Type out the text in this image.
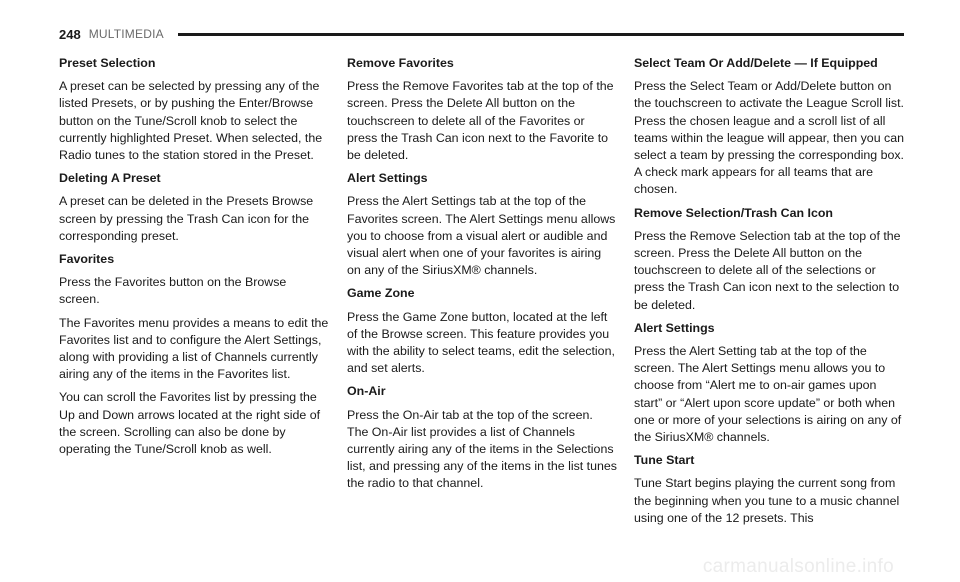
248 MULTIMEDIA
Preset Selection

A preset can be selected by pressing any of the listed Presets, or by pushing the Enter/Browse button on the Tune/Scroll knob to select the currently highlighted Preset. When selected, the Radio tunes to the station stored in the Preset.

Deleting A Preset

A preset can be deleted in the Presets Browse screen by pressing the Trash Can icon for the corresponding preset.

Favorites

Press the Favorites button on the Browse screen.

The Favorites menu provides a means to edit the Favorites list and to configure the Alert Settings, along with providing a list of Channels currently airing any of the items in the Favorites list.

You can scroll the Favorites list by pressing the Up and Down arrows located at the right side of the screen. Scrolling can also be done by operating the Tune/Scroll knob as well.

Remove Favorites

Press the Remove Favorites tab at the top of the screen. Press the Delete All button on the touchscreen to delete all of the Favorites or press the Trash Can icon next to the Favorite to be deleted.

Alert Settings

Press the Alert Settings tab at the top of the Favorites screen. The Alert Settings menu allows you to choose from a visual alert or audible and visual alert when one of your favorites is airing on any of the SiriusXM® channels.

Game Zone

Press the Game Zone button, located at the left of the Browse screen. This feature provides you with the ability to select teams, edit the selection, and set alerts.

On-Air

Press the On-Air tab at the top of the screen. The On-Air list provides a list of Channels currently airing any of the items in the Selections list, and pressing any of the items in the list tunes the radio to that channel.

Select Team Or Add/Delete — If Equipped

Press the Select Team or Add/Delete button on the touchscreen to activate the League Scroll list. Press the chosen league and a scroll list of all teams within the league will appear, then you can select a team by pressing the corresponding box. A check mark appears for all teams that are chosen.

Remove Selection/Trash Can Icon

Press the Remove Selection tab at the top of the screen. Press the Delete All button on the touchscreen to delete all of the selections or press the Trash Can icon next to the selection to be deleted.

Alert Settings

Press the Alert Setting tab at the top of the screen. The Alert Settings menu allows you to choose from “Alert me to on-air games upon start” or “Alert upon score update” or both when one or more of your selections is airing on any of the SiriusXM® channels.

Tune Start

Tune Start begins playing the current song from the beginning when you tune to a music channel using one of the 12 presets. This

carmanualsonline.info
